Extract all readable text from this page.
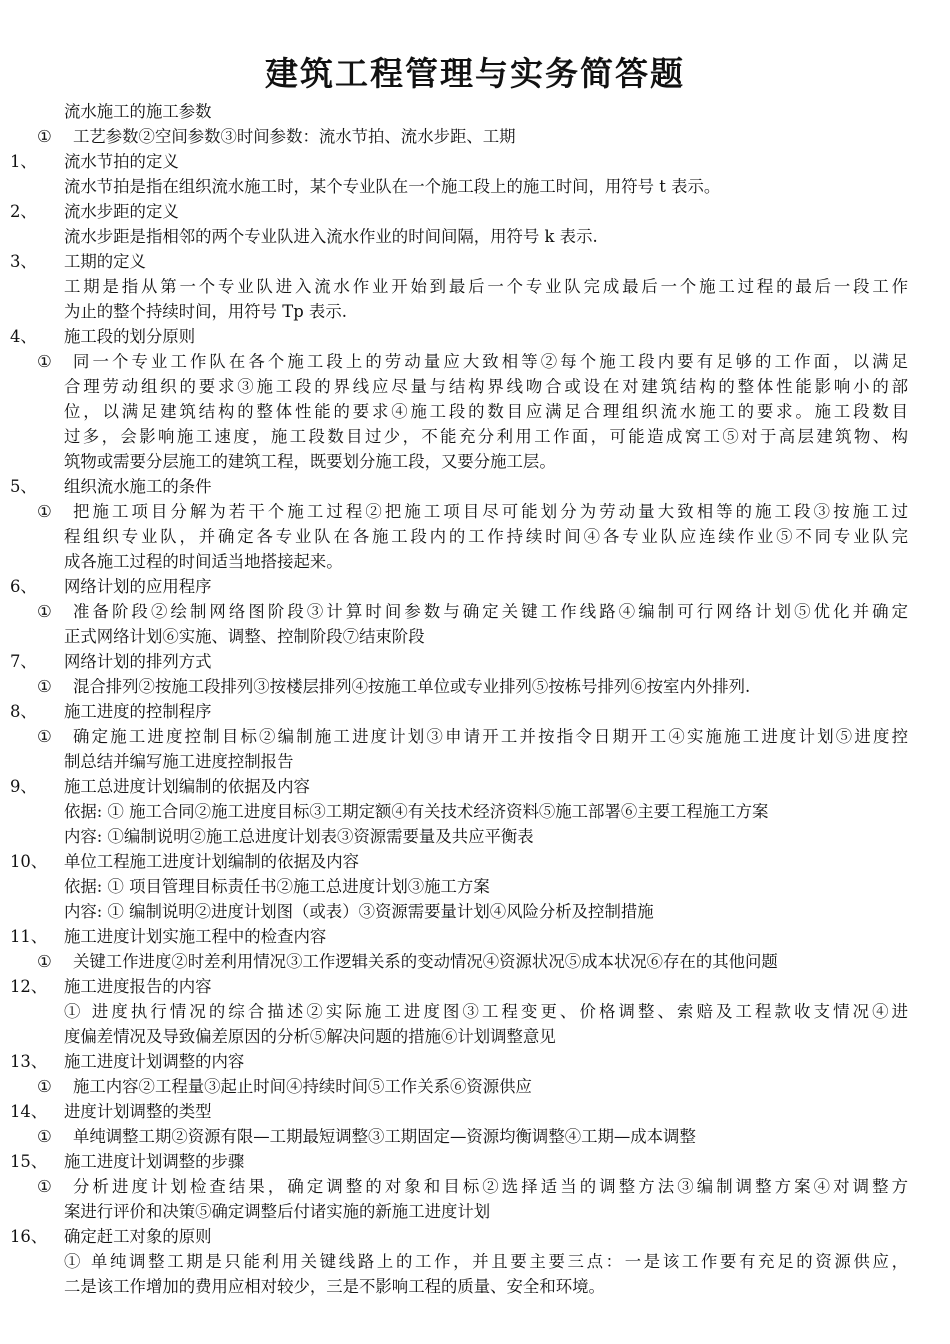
建筑工程管理与实务简答题
流水施工的施工参数
① 工艺参数②空间参数③时间参数：流水节拍、流水步距、工期
1、 流水节拍的定义
流水节拍是指在组织流水施工时，某个专业队在一个施工段上的施工时间，用符号 t 表示。
2、 流水步距的定义
流水步距是指相邻的两个专业队进入流水作业的时间间隔，用符号 k 表示.
3、 工期的定义
工期是指从第一个专业队进入流水作业开始到最后一个专业队完成最后一个施工过程的最后一段工作
为止的整个持续时间，用符号 Tp 表示.
4、 施工段的划分原则
① 同一个专业工作队在各个施工段上的劳动量应大致相等②每个施工段内要有足够的工作面，以满足
合理劳动组织的要求③施工段的界线应尽量与结构界线吻合或设在对建筑结构的整体性能影响小的部
位，以满足建筑结构的整体性能的要求④施工段的数目应满足合理组织流水施工的要求。施工段数目
过多，会影响施工速度，施工段数目过少，不能充分利用工作面，可能造成窝工⑤对于高层建筑物、构
筑物或需要分层施工的建筑工程，既要划分施工段，又要分施工层。
5、 组织流水施工的条件
① 把施工项目分解为若干个施工过程②把施工项目尽可能划分为劳动量大致相等的施工段③按施工过
程组织专业队，并确定各专业队在各施工段内的工作持续时间④各专业队应连续作业⑤不同专业队完
成各施工过程的时间适当地搭接起来。
6、 网络计划的应用程序
① 准备阶段②绘制网络图阶段③计算时间参数与确定关键工作线路④编制可行网络计划⑤优化并确定
正式网络计划⑥实施、调整、控制阶段⑦结束阶段
7、 网络计划的排列方式
① 混合排列②按施工段排列③按楼层排列④按施工单位或专业排列⑤按栋号排列⑥按室内外排列.
8、 施工进度的控制程序
① 确定施工进度控制目标②编制施工进度计划③申请开工并按指令日期开工④实施施工进度计划⑤进度控
制总结并编写施工进度控制报告
9、 施工总进度计划编制的依据及内容
依据: ① 施工合同②施工进度目标③工期定额④有关技术经济资料⑤施工部署⑥主要工程施工方案
内容: ①编制说明②施工总进度计划表③资源需要量及共应平衡表
10、 单位工程施工进度计划编制的依据及内容
依据: ① 项目管理目标责任书②施工总进度计划③施工方案
内容: ① 编制说明②进度计划图（或表）③资源需要量计划④风险分析及控制措施
11、 施工进度计划实施工程中的检查内容
① 关键工作进度②时差利用情况③工作逻辑关系的变动情况④资源状况⑤成本状况⑥存在的其他问题
12、 施工进度报告的内容
① 进度执行情况的综合描述②实际施工进度图③工程变更、价格调整、索赔及工程款收支情况④进
度偏差情况及导致偏差原因的分析⑤解决问题的措施⑥计划调整意见
13、 施工进度计划调整的内容
① 施工内容②工程量③起止时间④持续时间⑤工作关系⑥资源供应
14、 进度计划调整的类型
① 单纯调整工期②资源有限—工期最短调整③工期固定—资源均衡调整④工期—成本调整
15、 施工进度计划调整的步骤
① 分析进度计划检查结果，确定调整的对象和目标②选择适当的调整方法③编制调整方案④对调整方
案进行评价和决策⑤确定调整后付诸实施的新施工进度计划
16、 确定赶工对象的原则
① 单纯调整工期是只能利用关键线路上的工作，并且要主要三点：一是该工作要有充足的资源供应，
二是该工作增加的费用应相对较少，三是不影响工程的质量、安全和环境。
